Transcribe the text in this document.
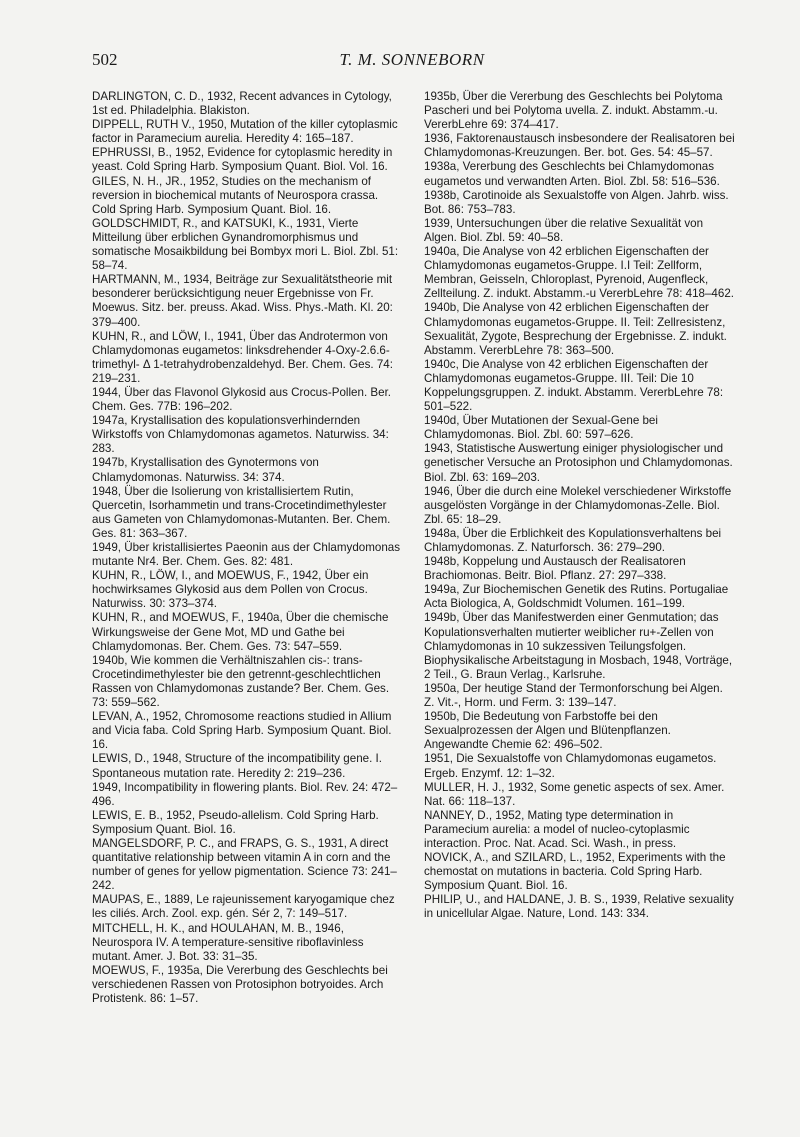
502	T. M. SONNEBORN

DARLINGTON, C. D., 1932, Recent advances in Cytology, 1st ed. Philadelphia. Blakiston.

DIPPELL, RUTH V., 1950, Mutation of the killer cytoplasmic factor in Paramecium aurelia. Heredity 4: 165–187.

EPHRUSSI, B., 1952, Evidence for cytoplasmic heredity in yeast. Cold Spring Harb. Symposium Quant. Biol. Vol. 16.

GILES, N. H., JR., 1952, Studies on the mechanism of reversion in biochemical mutants of Neurospora crassa. Cold Spring Harb. Symposium Quant. Biol. 16.

GOLDSCHMIDT, R., and KATSUKI, K., 1931, Vierte Mitteilung über erblichen Gynandromorphismus und somatische Mosaikbildung bei Bombyx mori L. Biol. Zbl. 51: 58–74.

HARTMANN, M., 1934, Beiträge zur Sexualitätstheorie mit besonderer berücksichtigung neuer Ergebnisse von Fr. Moewus. Sitz. ber. preuss. Akad. Wiss. Phys.-Math. Kl. 20: 379–400.

KUHN, R., and LÖW, I., 1941, Über das Androtermon von Chlamydomonas eugametos: linksdrehender 4-Oxy-2.6.6-trimethyl- Δ 1-tetrahydrobenzaldehyd. Ber. Chem. Ges. 74: 219–231.

1944, Über das Flavonol Glykosid aus Crocus-Pollen. Ber. Chem. Ges. 77B: 196–202.

1947a, Krystallisation des kopulationsverhindernden Wirkstoffs von Chlamydomonas agametos. Naturwiss. 34: 283.

1947b, Krystallisation des Gynotermons von Chlamydomonas. Naturwiss. 34: 374.

1948, Über die Isolierung von kristallisiertem Rutin, Quercetin, Isorhammetin und trans-Crocetindimethylester aus Gameten von Chlamydomonas-Mutanten. Ber. Chem. Ges. 81: 363–367.

1949, Über kristallisiertes Paeonin aus der Chlamydomonas mutante Nr4. Ber. Chem. Ges. 82: 481.

KUHN, R., LÖW, I., and MOEWUS, F., 1942, Über ein hochwirksames Glykosid aus dem Pollen von Crocus. Naturwiss. 30: 373–374.

KUHN, R., and MOEWUS, F., 1940a, Über die chemische Wirkungsweise der Gene Mot, MD und Gathe bei Chlamydomonas. Ber. Chem. Ges. 73: 547–559.

1940b, Wie kommen die Verhältniszahlen cis-: trans-Crocetindimethylester bie den getrennt-geschlechtlichen Rassen von Chlamydomonas zustande? Ber. Chem. Ges. 73: 559–562.

LEVAN, A., 1952, Chromosome reactions studied in Allium and Vicia faba. Cold Spring Harb. Symposium Quant. Biol. 16.

LEWIS, D., 1948, Structure of the incompatibility gene. I. Spontaneous mutation rate. Heredity 2: 219–236.

1949, Incompatibility in flowering plants. Biol. Rev. 24: 472–496.

LEWIS, E. B., 1952, Pseudo-allelism. Cold Spring Harb. Symposium Quant. Biol. 16.

MANGELSDORF, P. C., and FRAPS, G. S., 1931, A direct quantitative relationship between vitamin A in corn and the number of genes for yellow pigmentation. Science 73: 241–242.

MAUPAS, E., 1889, Le rajeunissement karyogamique chez les ciliés. Arch. Zool. exp. gén. Sér 2, 7: 149–517.

MITCHELL, H. K., and HOULAHAN, M. B., 1946, Neurospora IV. A temperature-sensitive riboflavinless mutant. Amer. J. Bot. 33: 31–35.

MOEWUS, F., 1935a, Die Vererbung des Geschlechts bei verschiedenen Rassen von Protosiphon botryoides. Arch Protistenk. 86: 1–57.

1935b, Über die Vererbung des Geschlechts bei Polytoma Pascheri und bei Polytoma uvella. Z. indukt. Abstamm.-u. VererbLehre 69: 374–417.

1936, Faktorenaustausch insbesondere der Realisatoren bei Chlamydomonas-Kreuzungen. Ber. bot. Ges. 54: 45–57.

1938a, Vererbung des Geschlechts bei Chlamydomonas eugametos und verwandten Arten. Biol. Zbl. 58: 516–536.

1938b, Carotinoide als Sexualstoffe von Algen. Jahrb. wiss. Bot. 86: 753–783.

1939, Untersuchungen über die relative Sexualität von Algen. Biol. Zbl. 59: 40–58.

1940a, Die Analyse von 42 erblichen Eigenschaften der Chlamydomonas eugametos-Gruppe. I.I Teil: Zellform, Membran, Geisseln, Chloroplast, Pyrenoid, Augenfleck, Zellteilung. Z. indukt. Abstamm.-u VererbLehre 78: 418–462.

1940b, Die Analyse von 42 erblichen Eigenschaften der Chlamydomonas eugametos-Gruppe. II. Teil: Zellresistenz, Sexualität, Zygote, Besprechung der Ergebnisse. Z. indukt. Abstamm. VererbLehre 78: 363–500.

1940c, Die Analyse von 42 erblichen Eigenschaften der Chlamydomonas eugametos-Gruppe. III. Teil: Die 10 Koppelungsgruppen. Z. indukt. Abstamm. VererbLehre 78: 501–522.

1940d, Über Mutationen der Sexual-Gene bei Chlamydomonas. Biol. Zbl. 60: 597–626.

1943, Statistische Auswertung einiger physiologischer und genetischer Versuche an Protosiphon und Chlamydomonas. Biol. Zbl. 63: 169–203.

1946, Über die durch eine Molekel verschiedener Wirkstoffe ausgelösten Vorgänge in der Chlamydomonas-Zelle. Biol. Zbl. 65: 18–29.

1948a, Über die Erblichkeit des Kopulationsverhaltens bei Chlamydomonas. Z. Naturforsch. 36: 279–290.

1948b, Koppelung und Austausch der Realisatoren Brachiomonas. Beitr. Biol. Pflanz. 27: 297–338.

1949a, Zur Biochemischen Genetik des Rutins. Portugaliae Acta Biologica, A, Goldschmidt Volumen. 161–199.

1949b, Über das Manifestwerden einer Genmutation; das Kopulationsverhalten mutierter weiblicher ru+-Zellen von Chlamydomonas in 10 sukzessiven Teilungsfolgen. Biophysikalische Arbeitstagung in Mosbach, 1948, Vorträge, 2 Teil., G. Braun Verlag., Karlsruhe.

1950a, Der heutige Stand der Termonforschung bei Algen. Z. Vit.-, Horm. und Ferm. 3: 139–147.

1950b, Die Bedeutung von Farbstoffe bei den Sexualprozessen der Algen und Blütenpflanzen. Angewandte Chemie 62: 496–502.

1951, Die Sexualstoffe von Chlamydomonas eugametos. Ergeb. Enzymf. 12: 1–32.

MULLER, H. J., 1932, Some genetic aspects of sex. Amer. Nat. 66: 118–137.

NANNEY, D., 1952, Mating type determination in Paramecium aurelia: a model of nucleo-cytoplasmic interaction. Proc. Nat. Acad. Sci. Wash., in press.

NOVICK, A., and SZILARD, L., 1952, Experiments with the chemostat on mutations in bacteria. Cold Spring Harb. Symposium Quant. Biol. 16.

PHILIP, U., and HALDANE, J. B. S., 1939, Relative sexuality in unicellular Algae. Nature, Lond. 143: 334.
